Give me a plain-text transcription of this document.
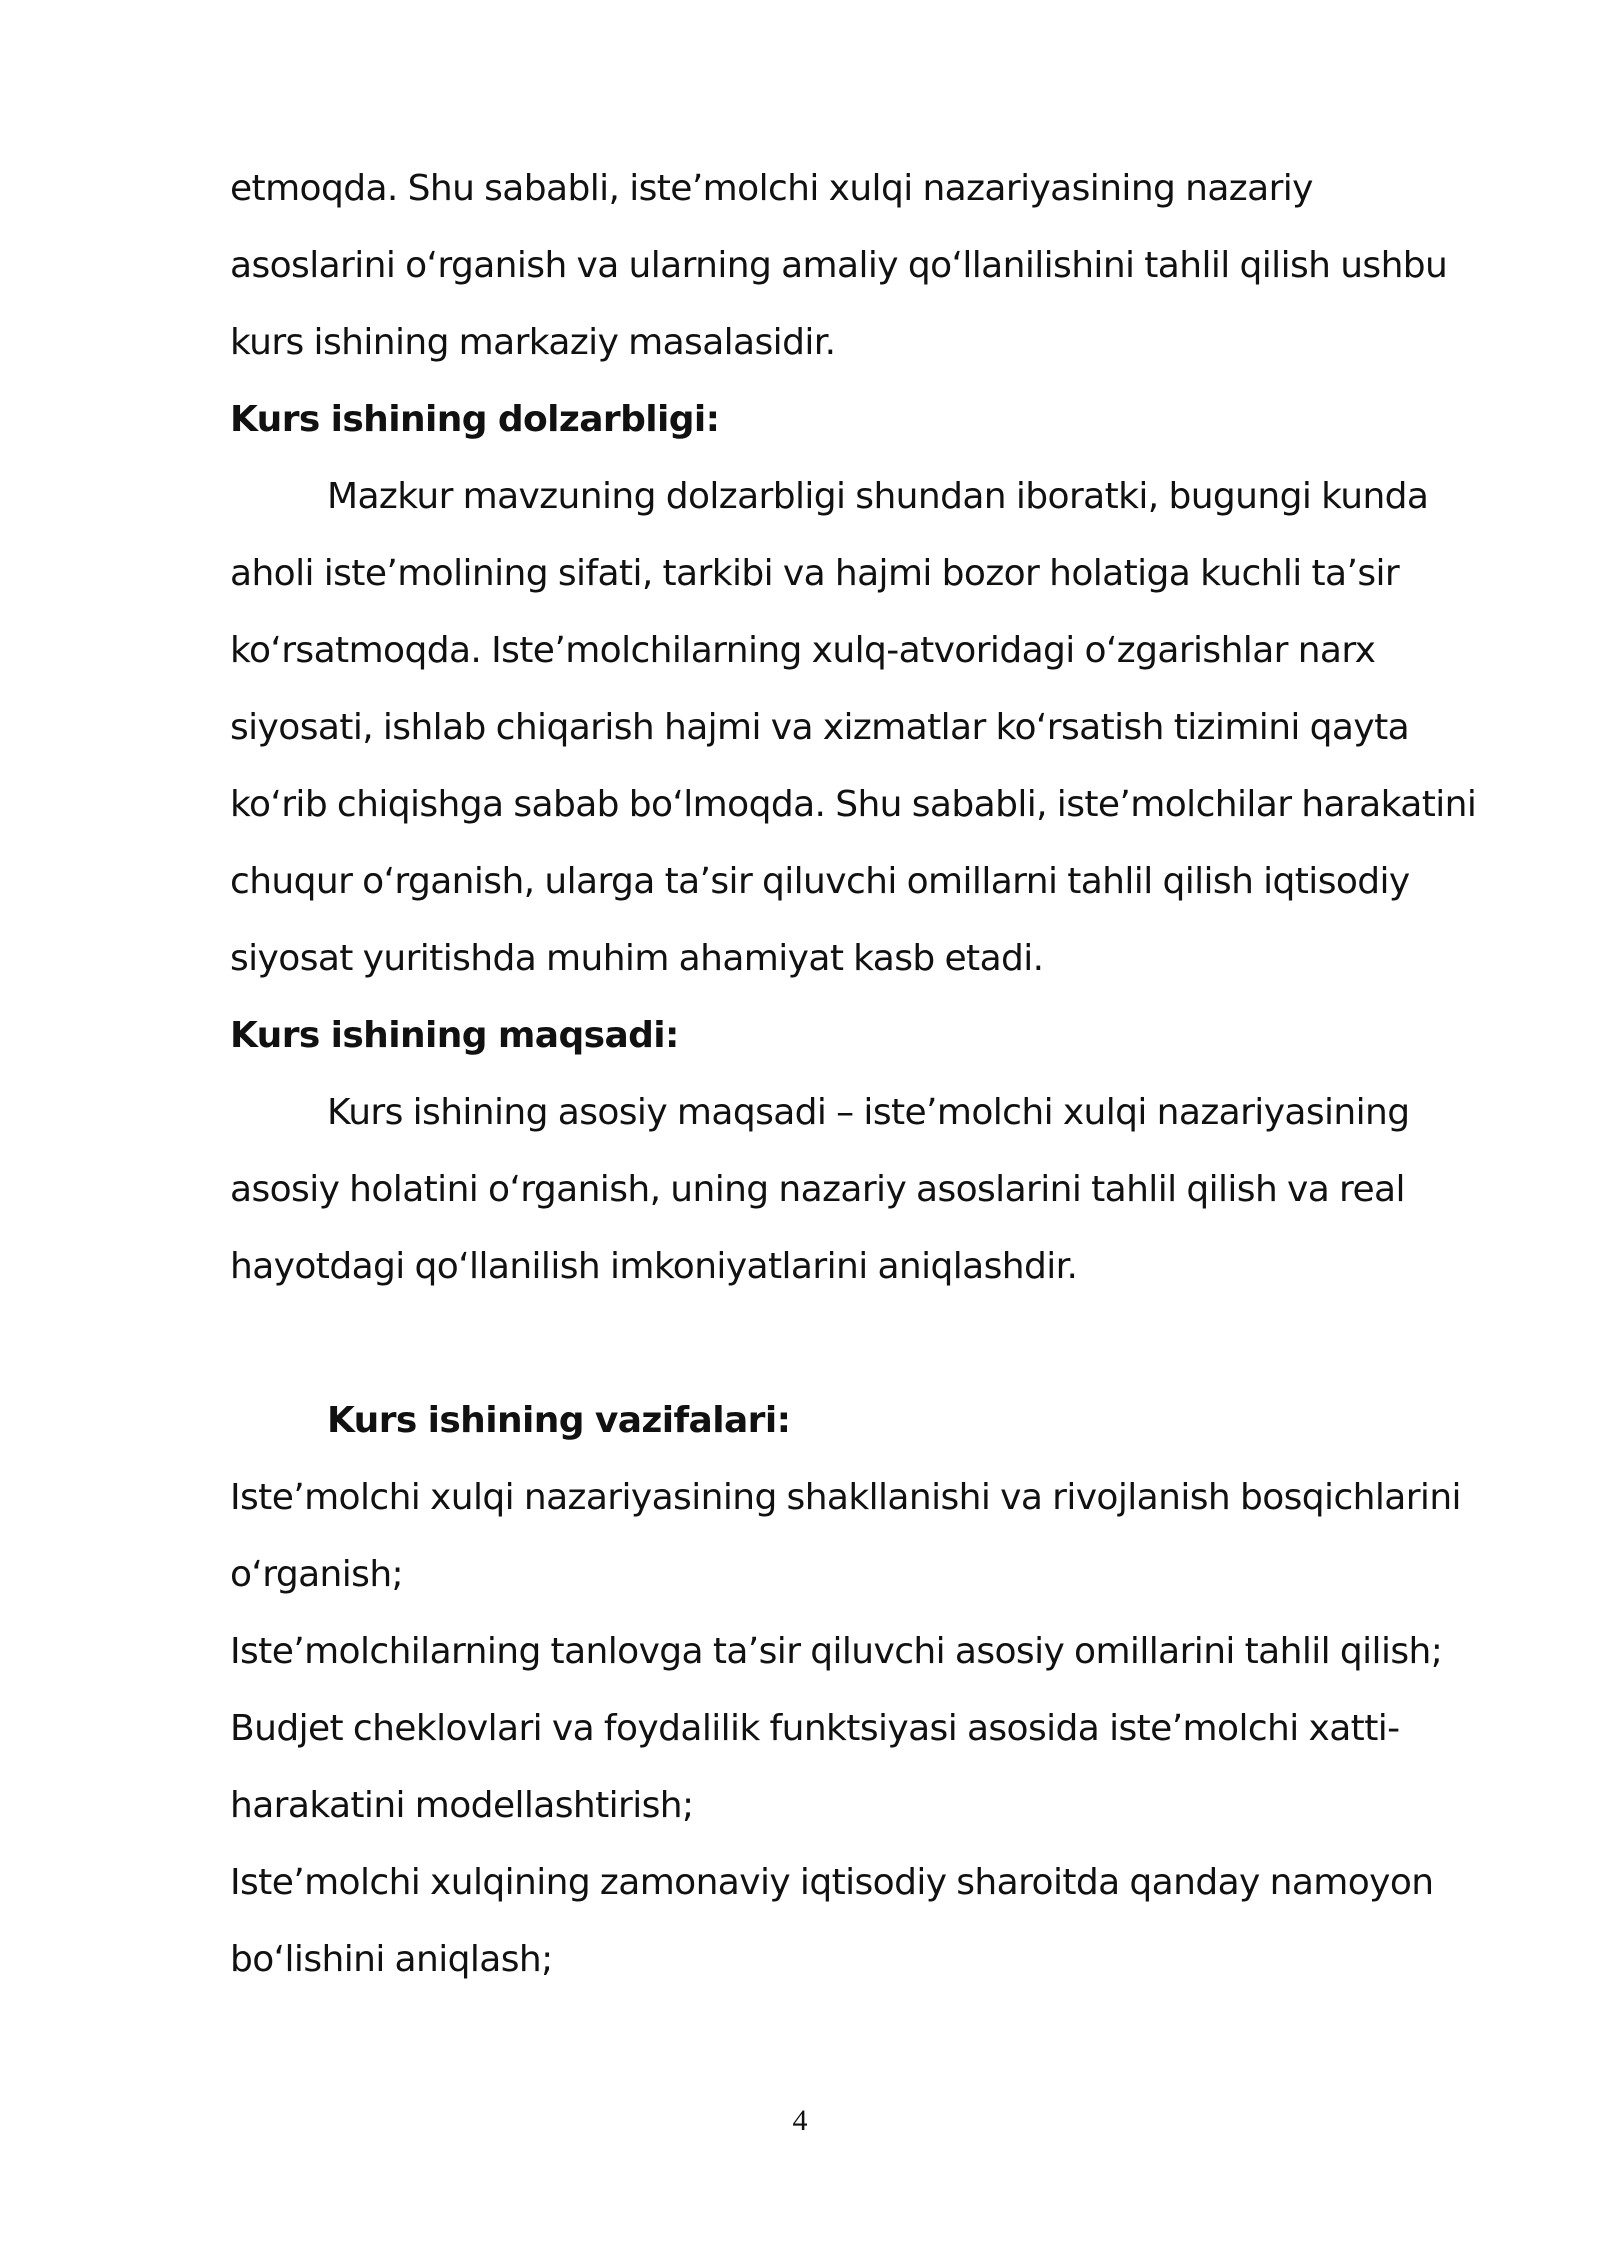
etmoqda. Shu sababli, iste’molchi xulqi nazariyasining nazariy
asoslarini o‘rganish va ularning amaliy qo‘llanilishini tahlil qilish ushbu
kurs ishining markaziy masalasidir.
Kurs ishining dolzarbligi:
Mazkur mavzuning dolzarbligi shundan iboratki, bugungi kunda
aholi iste’molining sifati, tarkibi va hajmi bozor holatiga kuchli ta’sir
ko‘rsatmoqda. Iste’molchilarning xulq-atvoridagi o‘zgarishlar narx
siyosati, ishlab chiqarish hajmi va xizmatlar ko‘rsatish tizimini qayta
ko‘rib chiqishga sabab bo‘lmoqda. Shu sababli, iste’molchilar harakatini
chuqur o‘rganish, ularga ta’sir qiluvchi omillarni tahlil qilish iqtisodiy
siyosat yuritishda muhim ahamiyat kasb etadi.
Kurs ishining maqsadi:
Kurs ishining asosiy maqsadi – iste’molchi xulqi nazariyasining
asosiy holatini o‘rganish, uning nazariy asoslarini tahlil qilish va real
hayotdagi qo‘llanilish imkoniyatlarini aniqlashdir.
Kurs ishining vazifalari:
Iste’molchi xulqi nazariyasining shakllanishi va rivojlanish bosqichlarini
o‘rganish;
Iste’molchilarning tanlovga ta’sir qiluvchi asosiy omillarini tahlil qilish;
Budjet cheklovlari va foydalilik funktsiyasi asosida iste’molchi xatti-
harakatini modellashtirish;
Iste’molchi xulqining zamonaviy iqtisodiy sharoitda qanday namoyon
bo‘lishini aniqlash;
4
